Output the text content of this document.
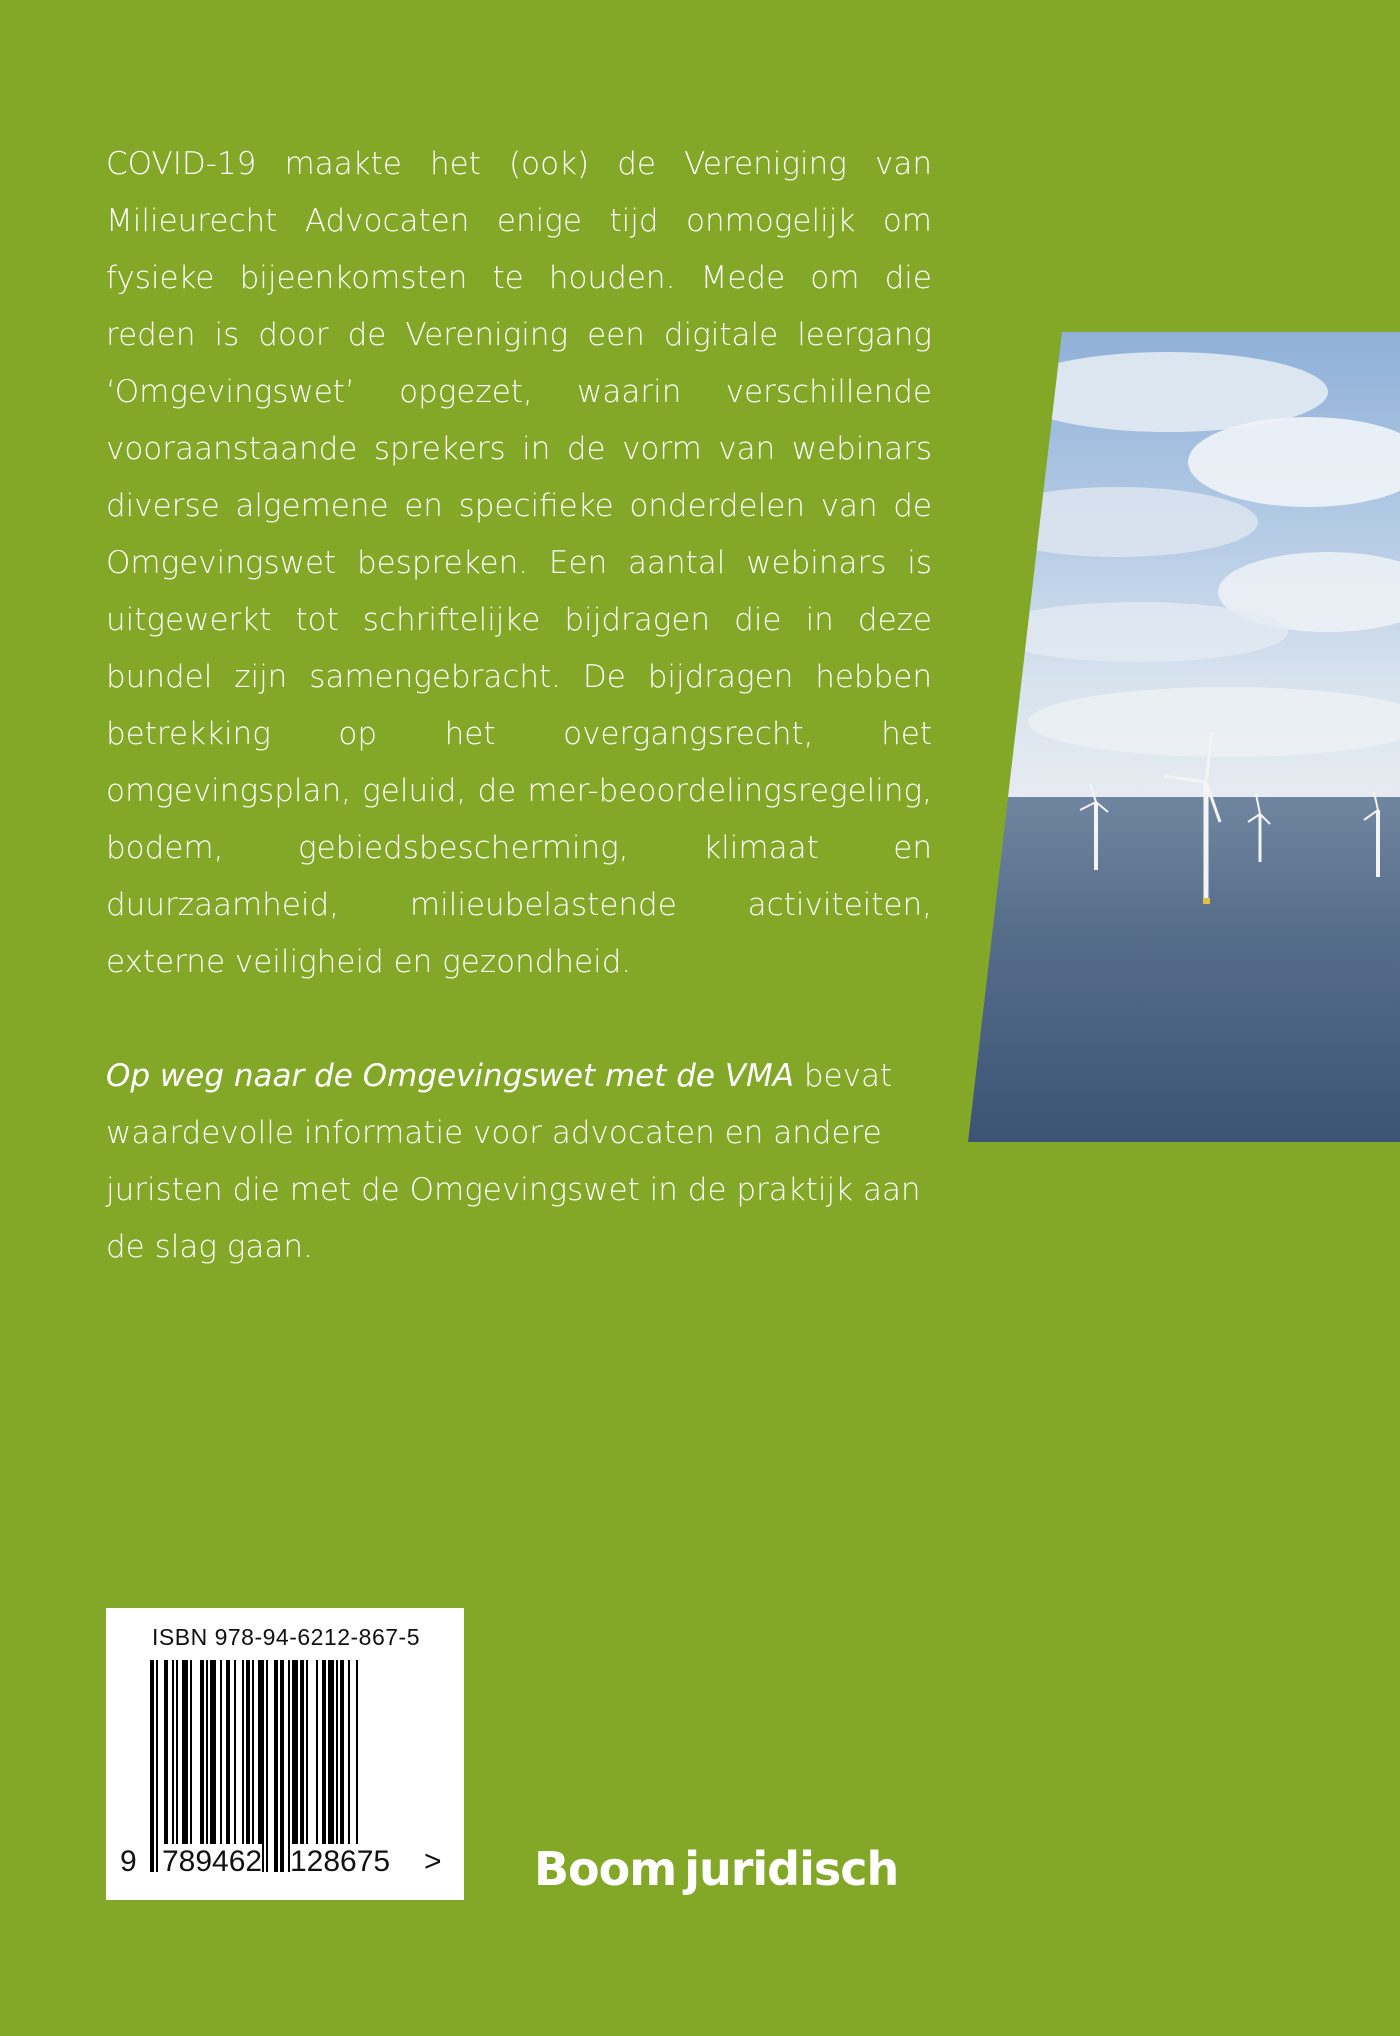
COVID-19 maakte het (ook) de Vereniging van Milieurecht Advocaten enige tijd onmogelijk om fysieke bijeenkomsten te houden. Mede om die reden is door de Vereniging een digitale leergang ‘Omgevingswet’ opgezet, waarin verschillende vooraanstaande sprekers in de vorm van webinars diverse algemene en specifieke onderdelen van de Omgevingswet bespreken. Een aantal webinars is uitgewerkt tot schriftelijke bijdragen die in deze bundel zijn samengebracht. De bijdragen hebben betrekking op het overgangsrecht, het omgevingsplan, geluid, de mer-beoordelingsregeling, bodem, gebiedsbescherming, klimaat en duurzaamheid, milieubelastende activiteiten, externe veiligheid en gezondheid.

Op weg naar de Omgevingswet met de VMA bevat waardevolle informatie voor advocaten en andere juristen die met de Omgevingswet in de praktijk aan de slag gaan.

ISBN 978-94-6212-867-5
9 789462 128675 > Boom juridisch
